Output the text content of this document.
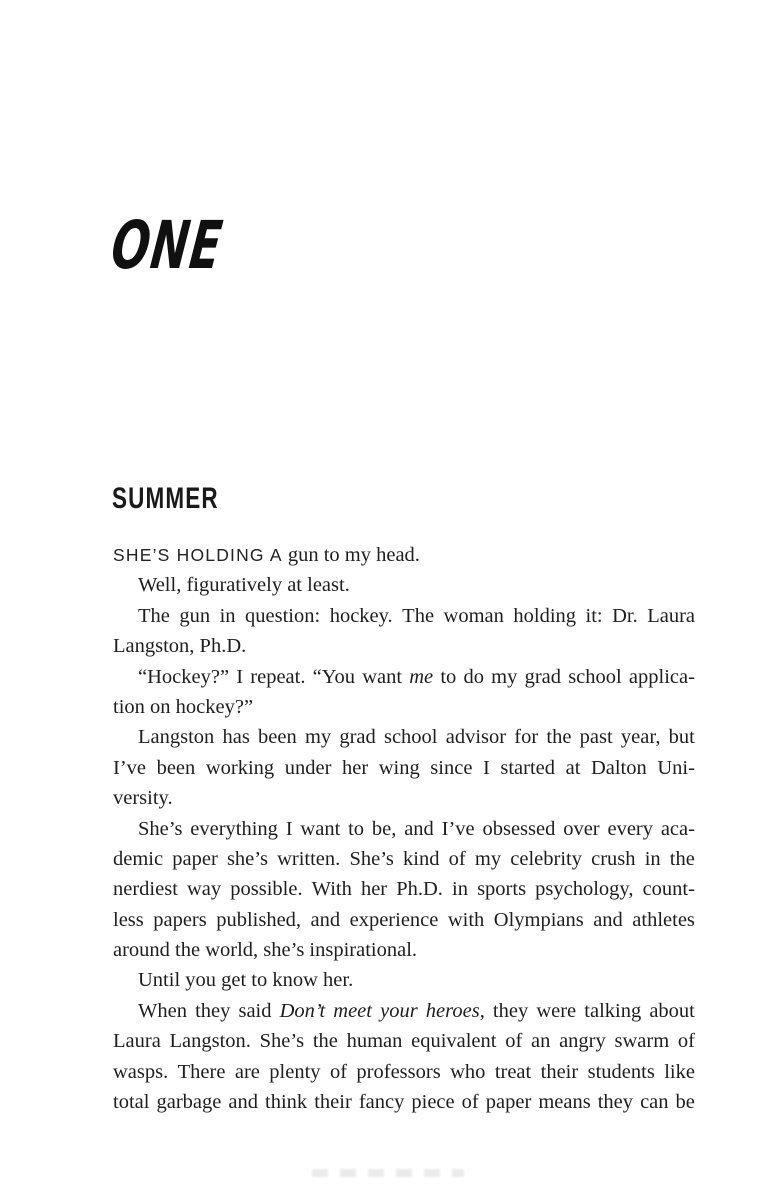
ONE
SUMMER
SHE’S HOLDING A gun to my head.
Well, figuratively at least.
The gun in question: hockey. The woman holding it: Dr. Laura
Langston, Ph.D.
“Hockey?” I repeat. “You want me to do my grad school applica-
tion on hockey?”
Langston has been my grad school advisor for the past year, but
I’ve been working under her wing since I started at Dalton Uni-
versity.
She’s everything I want to be, and I’ve obsessed over every aca-
demic paper she’s written. She’s kind of my celebrity crush in the
nerdiest way possible. With her Ph.D. in sports psychology, count-
less papers published, and experience with Olympians and athletes
around the world, she’s inspirational.
Until you get to know her.
When they said Don’t meet your heroes, they were talking about
Laura Langston. She’s the human equivalent of an angry swarm of
wasps. There are plenty of professors who treat their students like
total garbage and think their fancy piece of paper means they can be
